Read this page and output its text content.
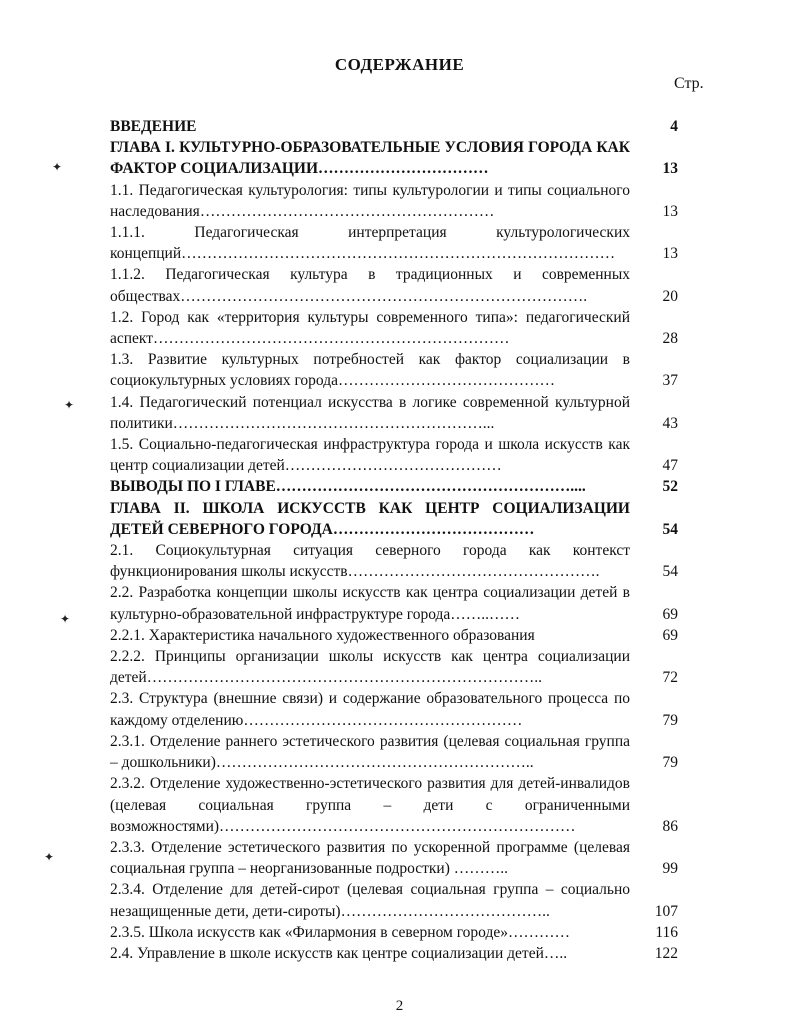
СОДЕРЖАНИЕ
Стр.
ВВЕДЕНИЕ	4
ГЛАВА I. КУЛЬТУРНО-ОБРАЗОВАТЕЛЬНЫЕ УСЛОВИЯ ГОРОДА КАК ФАКТОР СОЦИАЛИЗАЦИИ……………………………	13
1.1. Педагогическая культурология: типы культурологии и типы социального наследования…………………………………………………	13
1.1.1. Педагогическая интерпретация культурологических концепций…………………………………………………………………………	13
1.1.2. Педагогическая культура в традиционных и современных обществах…………………………………………………………………….	20
1.2. Город как «территория культуры современного типа»: педагогический аспект……………………………………………………………	28
1.3. Развитие культурных потребностей как фактор социализации в социокультурных условиях города……………………………………	37
1.4. Педагогический потенциал искусства в логике современной культурной политики……………………………………………………...	43
1.5. Социально-педагогическая инфраструктура города и школа искусств как центр социализации детей……………………………………	47
ВЫВОДЫ ПО I ГЛАВЕ…………………………………………………....	52
ГЛАВА II. ШКОЛА ИСКУССТВ КАК ЦЕНТР СОЦИАЛИЗАЦИИ ДЕТЕЙ СЕВЕРНОГО ГОРОДА…………………………………	54
2.1. Социокультурная ситуация северного города как контекст функционирования школы искусств………………………………………….	54
2.2. Разработка концепции школы искусств как центра социализации детей в культурно-образовательной инфраструктуре города……..……	69
2.2.1. Характеристика начального художественного образования	69
2.2.2. Принципы организации школы искусств как центра социализации детей…………………………………………………………………..	72
2.3. Структура (внешние связи) и содержание образовательного процесса по каждому отделению………………………………………………	79
2.3.1. Отделение раннего эстетического развития (целевая социальная группа – дошкольники)……………………………………………………..	79
2.3.2. Отделение художественно-эстетического развития для детей-инвалидов (целевая социальная группа – дети с ограниченными возможностями)……………………………………………………………	86
2.3.3. Отделение эстетического развития по ускоренной программе (целевая социальная группа – неорганизованные подростки) ………..	99
2.3.4. Отделение для детей-сирот (целевая социальная группа – социально незащищенные дети, дети-сироты)…………………………………..	107
2.3.5. Школа искусств как «Филармония в северном городе»…………	116
2.4. Управление в школе искусств как центре социализации детей…..	122
✦
✦
✦
✦
2
